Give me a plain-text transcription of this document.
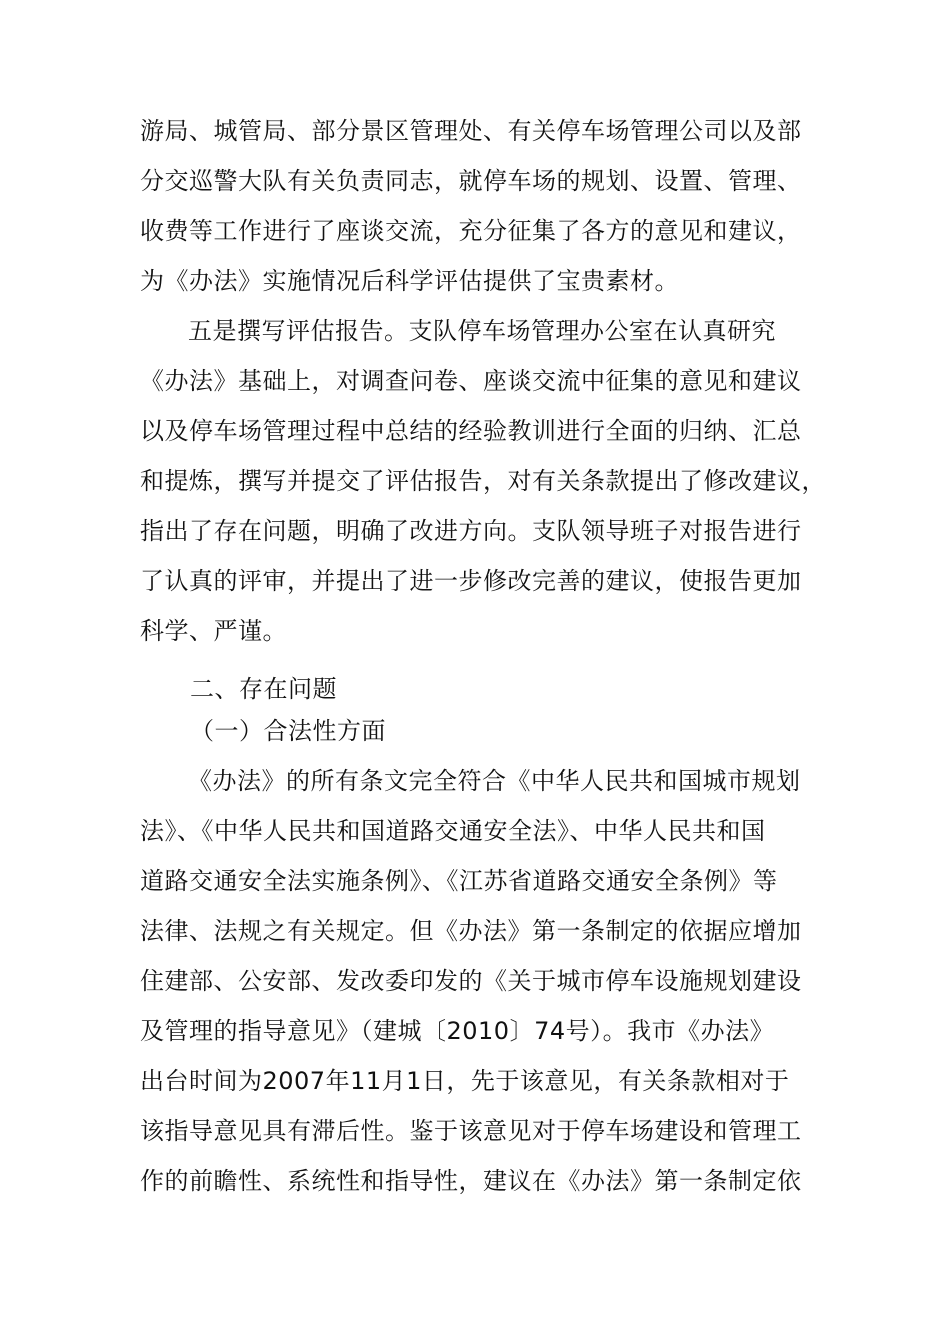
游局、城管局、部分景区管理处、有关停车场管理公司以及部
分交巡警大队有关负责同志，就停车场的规划、设置、管理、
收费等工作进行了座谈交流，充分征集了各方的意见和建议，
为《办法》实施情况后科学评估提供了宝贵素材。
五是撰写评估报告。支队停车场管理办公室在认真研究
《办法》基础上，对调查问卷、座谈交流中征集的意见和建议
以及停车场管理过程中总结的经验教训进行全面的归纳、汇总
和提炼，撰写并提交了评估报告，对有关条款提出了修改建议，
指出了存在问题，明确了改进方向。支队领导班子对报告进行
了认真的评审，并提出了进一步修改完善的建议，使报告更加
科学、严谨。
二、存在问题
（一）合法性方面
《办法》的所有条文完全符合《中华人民共和国城市规划
法》、《中华人民共和国道路交通安全法》、中华人民共和国
道路交通安全法实施条例》、《江苏省道路交通安全条例》等
法律、法规之有关规定。但《办法》第一条制定的依据应增加
住建部、公安部、发改委印发的《关于城市停车设施规划建设
及管理的指导意见》（建城〔2010〕74号）。我市《办法》
出台时间为2007年11月1日，先于该意见，有关条款相对于
该指导意见具有滞后性。鉴于该意见对于停车场建设和管理工
作的前瞻性、系统性和指导性，建议在《办法》第一条制定依
